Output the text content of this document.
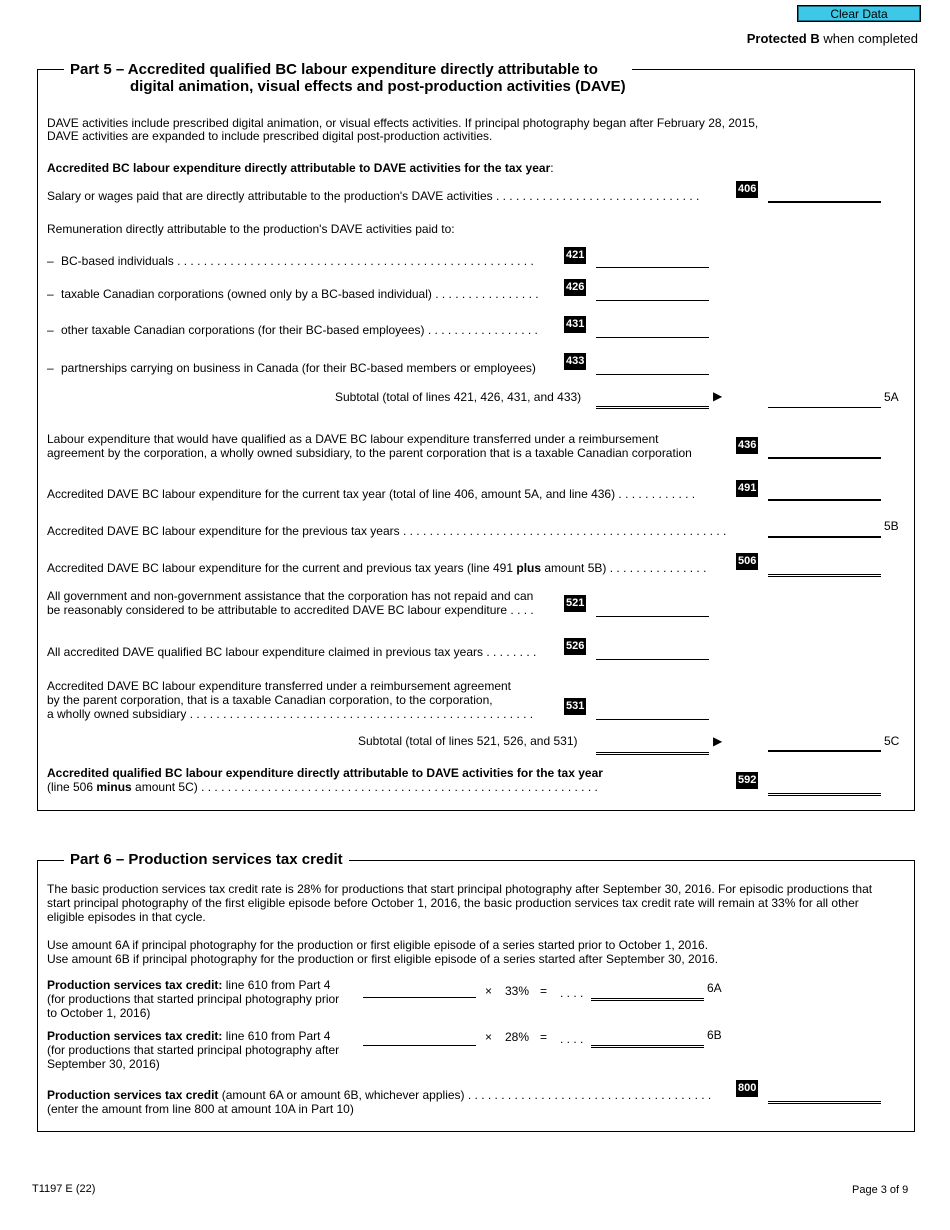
Clear Data
Protected B when completed
Part 5 – Accredited qualified BC labour expenditure directly attributable to
digital animation, visual effects and post-production activities (DAVE)
DAVE activities include prescribed digital animation, or visual effects activities. If principal photography began after February 28, 2015,
DAVE activities are expanded to include prescribed digital post-production activities.
Accredited BC labour expenditure directly attributable to DAVE activities for the tax year:
Salary or wages paid that are directly attributable to the production's DAVE activities . . . . . . . . . . . . . . . . . . . . . . . . . . . . . . .	406
Remuneration directly attributable to the production's DAVE activities paid to:
– BC-based individuals . . . . . . . . . . . . . . . . . . . . . . . . . . . . . . . . . . . . . . . . . . . . . . . . . . . . . .	421
– taxable Canadian corporations (owned only by a BC-based individual) . . . . . . . . . . . . . . . . 426
– other taxable Canadian corporations (for their BC-based employees) . . . . . . . . . . . . . . . . .	431
– partnerships carrying on business in Canada (for their BC-based members or employees)	433
Subtotal (total of lines 421, 426, 431, and 433)	▶	5A
Labour expenditure that would have qualified as a DAVE BC labour expenditure transferred under a reimbursement
agreement by the corporation, a wholly owned subsidiary, to the parent corporation that is a taxable Canadian corporation
436
Accredited DAVE BC labour expenditure for the current tax year (total of line 406, amount 5A, and line 436) . . . . . . . . . . . .	491
Accredited DAVE BC labour expenditure for the previous tax years . . . . . . . . . . . . . . . . . . . . . . . . . . . . . . . . . . . . . . . . . . . . . . . . .	5B
Accredited DAVE BC labour expenditure for the current and previous tax years (line 491 plus amount 5B) . . . . . . . . . . . . . . .	506
All government and non-government assistance that the corporation has not repaid and can
be reasonably considered to be attributable to accredited DAVE BC labour expenditure . . . .	521
All accredited DAVE qualified BC labour expenditure claimed in previous tax years . . . . . . . .	526
Accredited DAVE BC labour expenditure transferred under a reimbursement agreement
by the parent corporation, that is a taxable Canadian corporation, to the corporation,
a wholly owned subsidiary . . . . . . . . . . . . . . . . . . . . . . . . . . . . . . . . . . . . . . . . . . . . . . . . . . . .
531
Subtotal (total of lines 521, 526, and 531)	▶	5C
Accredited qualified BC labour expenditure directly attributable to DAVE activities for the tax year
(line 506 minus amount 5C) . . . . . . . . . . . . . . . . . . . . . . . . . . . . . . . . . . . . . . . . . . . . . . . . . . . . . . . . . . . .	592
Part 6 – Production services tax credit
The basic production services tax credit rate is 28% for productions that start principal photography after September 30, 2016. For episodic productions that
start principal photography of the first eligible episode before October 1, 2016, the basic production services tax credit rate will remain at 33% for all other
eligible episodes in that cycle.
Use amount 6A if principal photography for the production or first eligible episode of a series started prior to October 1, 2016.
Use amount 6B if principal photography for the production or first eligible episode of a series started after September 30, 2016.
Production services tax credit: line 610 from Part 4
(for productions that started principal photography prior
to October 1, 2016)
× 33% = . . . .	6A
Production services tax credit: line 610 from Part 4
(for productions that started principal photography after
September 30, 2016)
× 28% = . . . .	6B
Production services tax credit (amount 6A or amount 6B, whichever applies) . . . . . . . . . . . . . . . . . . . . . . . . . . . . . . . . . . . . .
(enter the amount from line 800 at amount 10A in Part 10)
800
T1197 E (22)	Page 3 of 9
